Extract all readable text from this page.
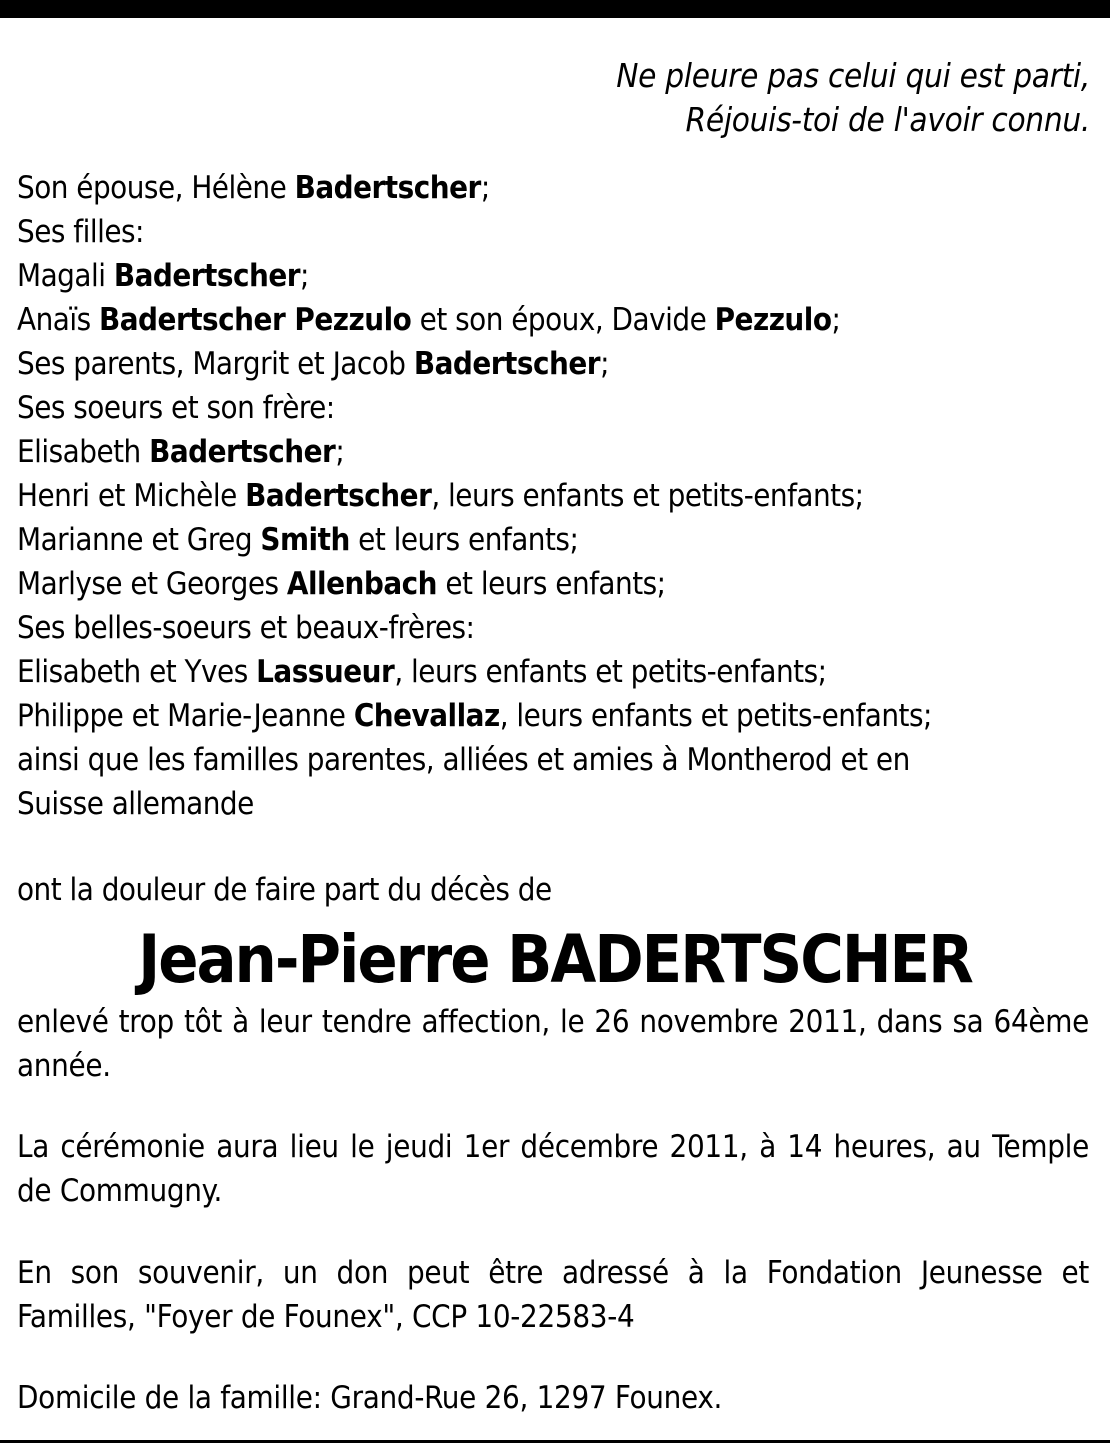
Ne pleure pas celui qui est parti,
Réjouis-toi de l'avoir connu.
Son épouse, Hélène Badertscher;
Ses filles:
Magali Badertscher;
Anaïs Badertscher Pezzulo et son époux, Davide Pezzulo;
Ses parents, Margrit et Jacob Badertscher;
Ses soeurs et son frère:
Elisabeth Badertscher;
Henri et Michèle Badertscher, leurs enfants et petits-enfants;
Marianne et Greg Smith et leurs enfants;
Marlyse et Georges Allenbach et leurs enfants;
Ses belles-soeurs et beaux-frères:
Elisabeth et Yves Lassueur, leurs enfants et petits-enfants;
Philippe et Marie-Jeanne Chevallaz, leurs enfants et petits-enfants;
ainsi que les familles parentes, alliées et amies à Montherod et en
Suisse allemande
ont la douleur de faire part du décès de
Jean-Pierre BADERTSCHER
enlevé trop tôt à leur tendre affection, le 26 novembre 2011, dans sa 64ème année.
La cérémonie aura lieu le jeudi 1er décembre 2011, à 14 heures, au Temple de Commugny.
En son souvenir, un don peut être adressé à la Fondation Jeunesse et Familles, "Foyer de Founex", CCP 10-22583-4
Domicile de la famille: Grand-Rue 26, 1297 Founex.
